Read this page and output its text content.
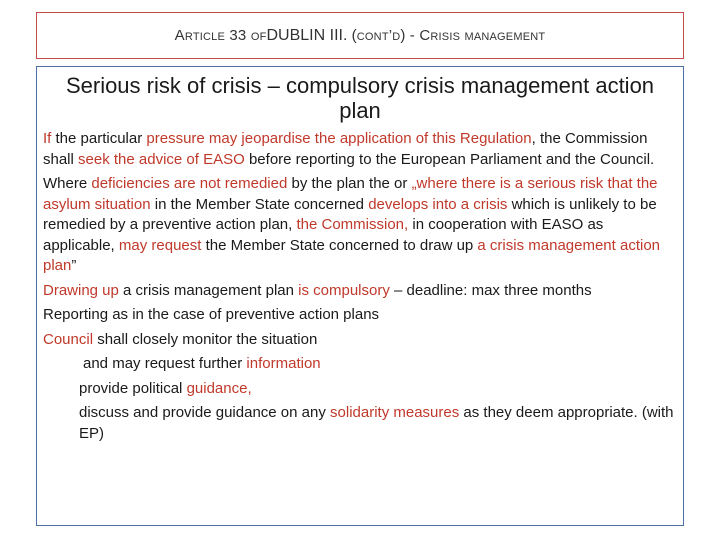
Article 33 of DUBLIN III.
(cont’d)
- Crisis management
Serious risk of crisis – compulsory crisis management action plan

If the particular pressure may jeopardise the application of this Regulation, the Commission shall seek the advice of EASO before reporting to the European Parliament and the Council.

Where deficiencies are not remedied by the plan the or „where there is a serious risk that the asylum situation in the Member State concerned develops into a crisis which is unlikely to be remedied by a preventive action plan, the Commission, in cooperation with EASO as applicable, may request the Member State concerned to draw up a crisis management action plan”

Drawing up a crisis management plan is compulsory – deadline: max three months

Reporting as in the case of preventive action plans

Council shall closely monitor the situation

and may request further information

provide political guidance,

discuss and provide guidance on any solidarity measures as they deem appropriate. (with EP)
